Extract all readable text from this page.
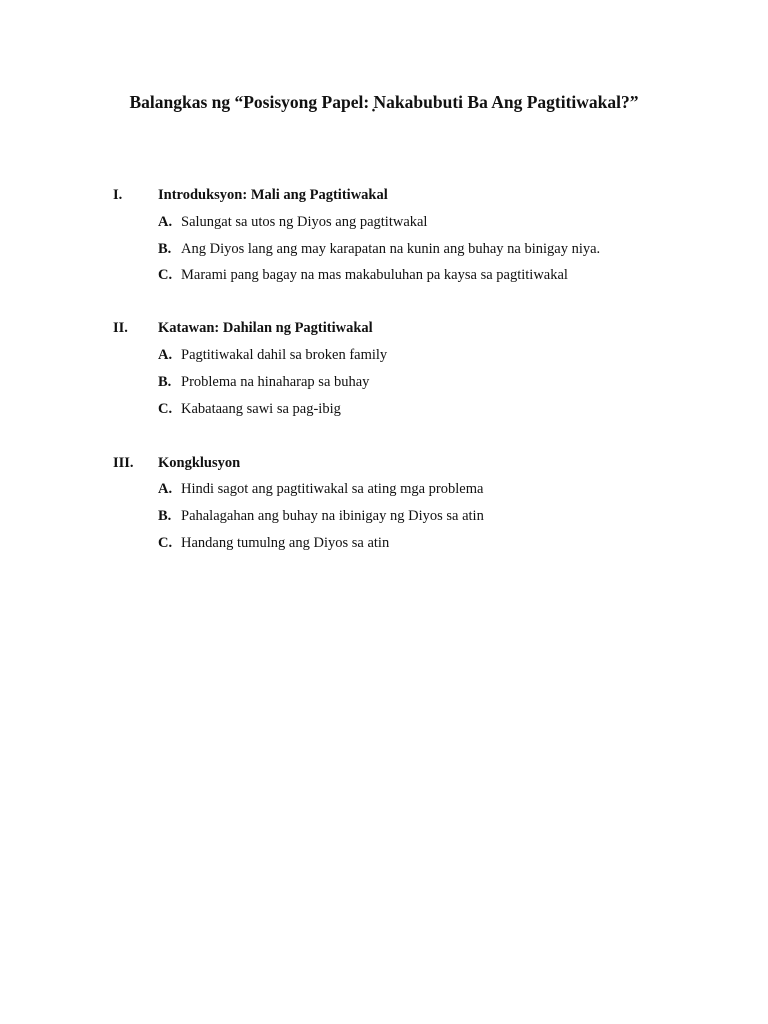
Balangkas ng “Posisyong Papel: ̣Nakabubuti Ba Ang Pagtitiwakal?”
I. Introduksyon: Mali ang Pagtitiwakal
A. Salungat sa utos ng Diyos ang pagtitwakal
B. Ang Diyos lang ang may karapatan na kunin ang buhay na binigay niya.
C. Marami pang bagay na mas makabuluhan pa kaysa sa pagtitiwakal
II. Katawan: Dahilan ng Pagtitiwakal
A. Pagtitiwakal dahil sa broken family
B. Problema na hinaharap sa buhay
C. Kabataang sawi sa pag-ibig
III. Kongklusyon
A. Hindi sagot ang pagtitiwakal sa ating mga problema
B. Pahalagahan ang buhay na ibinigay ng Diyos sa atin
C. Handang tumulng ang Diyos sa atin
